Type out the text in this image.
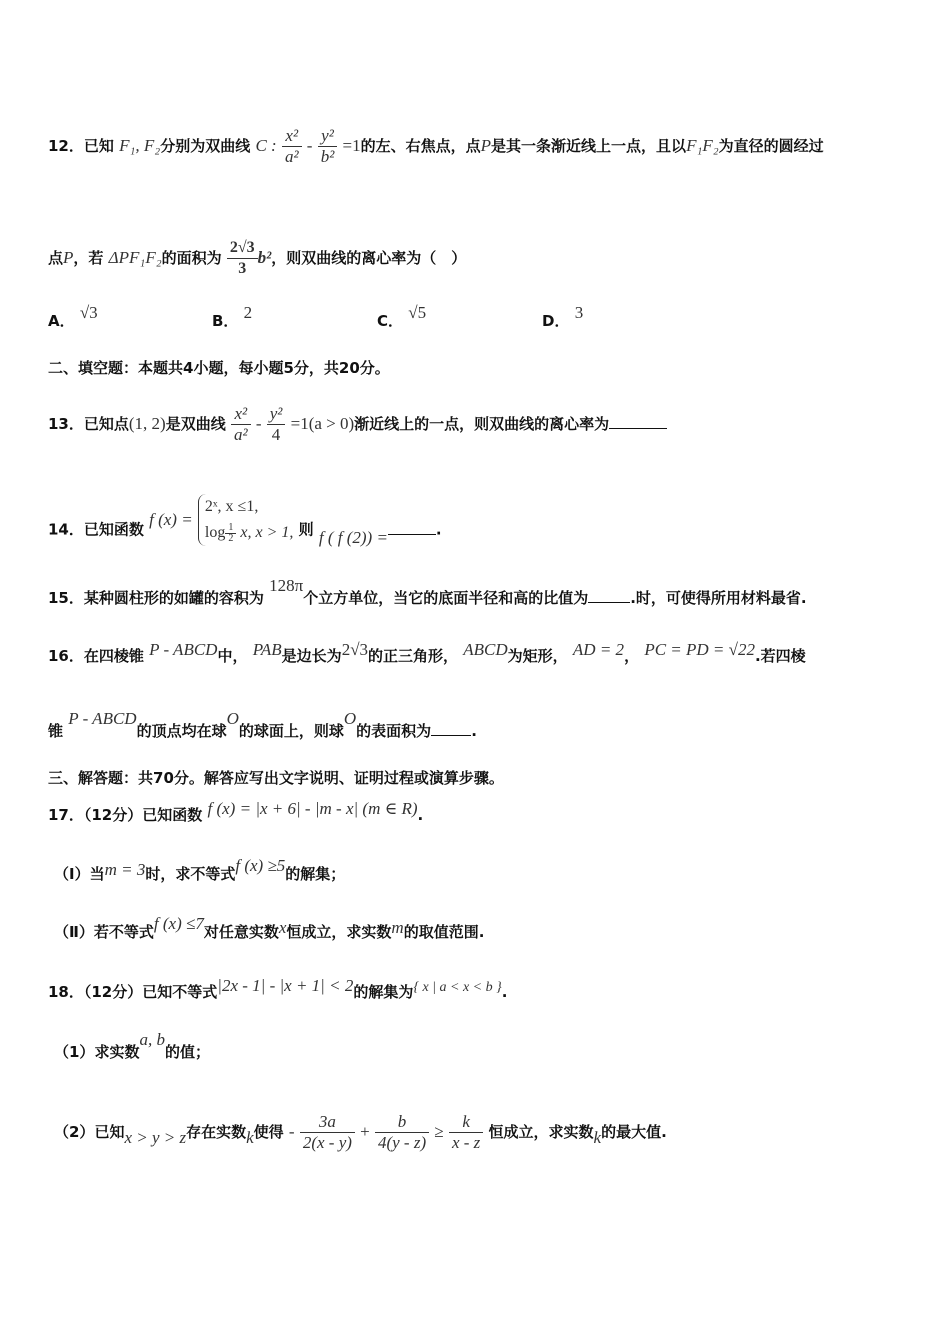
12．已知 F₁, F₂分别为双曲线 C : $\frac{\text{x²}}{\text{a²}} - \frac{\text{y²}}{\text{b²}} =1$的左、右焦点，点P是其一条渐近线上一点，且以F₁F₂为直径的圆经过
点P，若 ΔPF₁F₂的面积为 $\frac{2√3}{3} b^2$，则双曲线的离心率为（　）
A． √3	B． 2	C． √5	D． 3
二、填空题：本题共4小题，每小题5分，共20分。
13．已知点(1, 2)是双曲线 $\frac{\text{x²}}{\text{a²}} - \frac{\text{y²}}{4} =1(a > 0)$渐近线上的一点，则双曲线的离心率为
14．已知函数 f (x) =
2ˣ, x ≤1,
$\log \frac{1}{2} x$, x > 1, 则 f ( f (2)) =	.
15．某种圆柱形的如罐的容积为 128π个立方单位，当它的底面半径和高的比值为	.时，可使得所用材料最省.
16．在四棱锥 P - ABCD中， PAB是边长为2√3的正三角形， ABCD为矩形， AD = 2， PC = PD = √22.若四棱
锥 P - ABCD的顶点均在球O的球面上，则球O的表面积为	.
三、解答题：共70分。解答应写出文字说明、证明过程或演算步骤。
17．（12分）已知函数 f (x) = |x + 6| - |m - x| (m ∈ R).
（Ⅰ）当m = 3时，求不等式f (x) ≥5的解集；
（Ⅱ）若不等式f (x) ≤7对任意实数x恒成立，求实数m的取值范围.
18．（12分）已知不等式|2x - 1| - |x + 1| < 2的解集为{ x | a < x < b }.
（1）求实数a, b的值；
（2）已知x > y > z存在实数k使得 - $\frac{3a}{2(x - y)} + \frac{b}{4(y - z)} \ge \frac{k}{x - z}$ 恒成立，求实数k的最大值.
